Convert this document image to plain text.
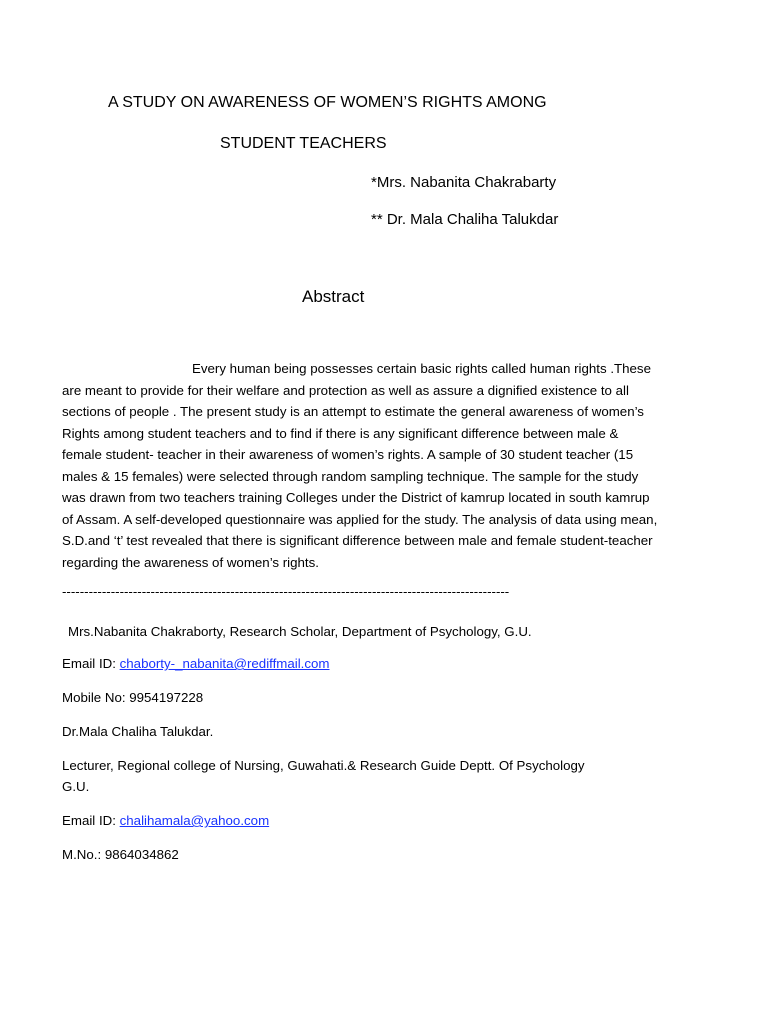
A STUDY ON AWARENESS OF WOMEN’S RIGHTS AMONG
STUDENT TEACHERS
*Mrs. Nabanita Chakrabarty
** Dr. Mala Chaliha Talukdar
Abstract
Every human being possesses certain basic rights called human rights .These
are meant to provide for their welfare and protection as well as assure a dignified existence to all
sections of people . The present study is an attempt to estimate the general awareness of women’s
Rights among student teachers and to find if there is any significant difference between male &
female student- teacher in their awareness of women’s rights. A sample of 30 student teacher (15
males & 15 females) were selected through random sampling technique. The sample for the study
was drawn from two teachers training Colleges under the District of kamrup located in south kamrup
of Assam. A self-developed questionnaire was applied for the study. The analysis of data using mean,
S.D.and ‘t’ test revealed that there is significant difference between male and female student-teacher
regarding the awareness of women’s rights.
-----------------------------------------------------------------------------------------------------
Mrs.Nabanita Chakraborty, Research Scholar, Department of Psychology, G.U.
Email ID: chaborty-_nabanita@rediffmail.com
Mobile No: 9954197228
Dr.Mala Chaliha Talukdar.
Lecturer, Regional college of Nursing, Guwahati.& Research Guide Deptt. Of Psychology
G.U.
Email ID: chalihamala@yahoo.com
M.No.: 9864034862
